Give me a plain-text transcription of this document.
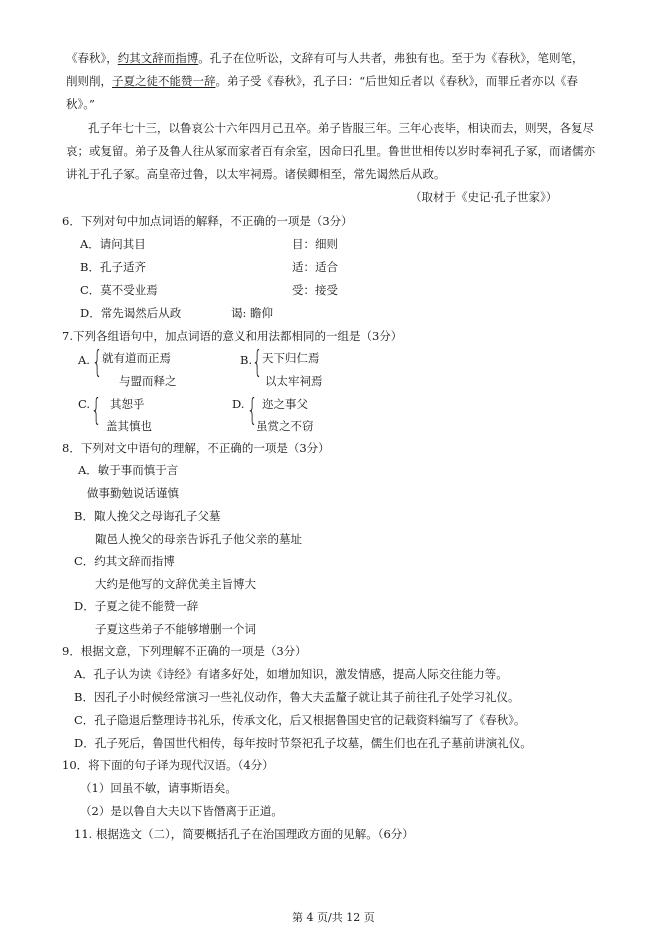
《春秋》，约其文辞而指博。孔子在位听讼，文辞有可与人共者，弗独有也。至于为《春秋》，笔则笔，
削则削，子夏之徒不能赞一辞。弟子受《春秋》，孔子曰：“后世知丘者以《春秋》，而罪丘者亦以《春
秋》。”
孔子年七十三，以鲁哀公十六年四月己丑卒。弟子皆服三年。三年心丧毕，相诀而去，则哭，各复尽
哀；或复留。弟子及鲁人往从冢而家者百有余室，因命曰孔里。鲁世世相传以岁时奉祠孔子冢，而诸儒亦
讲礼于孔子冢。高皇帝过鲁，以太牢祠焉。诸侯卿相至，常先谒然后从政。
（取材于《史记·孔子世家》）
6．下列对句中加点词语的解释，不正确的一项是（3分）
A．请问其目	目：细则
B．孔子适齐	适：适合
C．莫不受业焉	受：接受
D．常先谒然后从政	谒: 瞻仰
7.下列各组语句中，加点词语的意义和用法都相同的一组是（3分）
A. { 就有道而正焉
与盟而释之
B. { 天下归仁焉
以太牢祠焉
C. { 其恕乎
盖其慎也
D. { 迩之事父
虽赏之不窃
8．下列对文中语句的理解，不正确的一项是（3分）
A．敏于事而慎于言
做事勤勉说话谨慎
B．陬人挽父之母诲孔子父墓
陬邑人挽父的母亲告诉孔子他父亲的墓址
C．约其文辞而指博
大约是他写的文辞优美主旨博大
D．子夏之徒不能赞一辞
子夏这些弟子不能够增删一个词
9．根据文意，下列理解不正确的一项是（3分）
A．孔子认为读《诗经》有诸多好处，如增加知识，激发情感，提高人际交往能力等。
B．因孔子小时候经常演习一些礼仪动作，鲁大夫孟釐子就让其子前往孔子处学习礼仪。
C．孔子隐退后整理诗书礼乐，传承文化，后又根据鲁国史官的记载资料编写了《春秋》。
D．孔子死后，鲁国世代相传，每年按时节祭祀孔子坟墓，儒生们也在孔子墓前讲演礼仪。
10．将下面的句子译为现代汉语。（4分）
（1）回虽不敏，请事斯语矣。
（2）是以鲁自大夫以下皆僭离于正道。
11. 根据选文（二），简要概括孔子在治国理政方面的见解。（6分）
第 4 页/共 12 页
